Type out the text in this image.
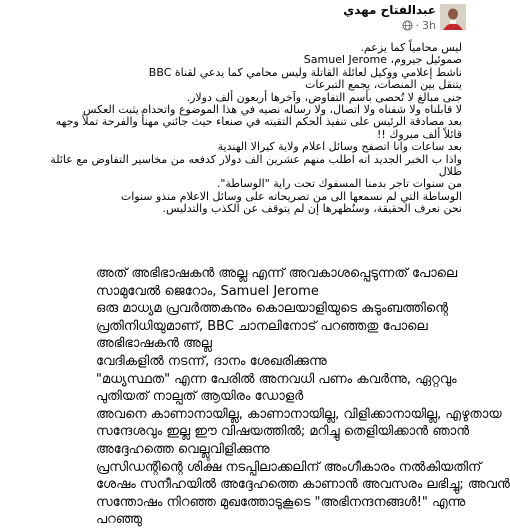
عبدالفتاح مهدي
3h
·
ليس محامياً كما يزعم.
صموئيل جيروم، Samuel Jerome
ناشط إعلامي ووكيل لعائلة القاتلة وليس محامي كما يدعي لقناة BBC
يتنقل بين المنصات، يجمع التبرعات
جنى مبالغ لا تُحصى بأسم التفاوض، وآخرها أربعون ألف دولار.
لا قابلناه ولا شفناه ولا اتصال، ولا رساله نصيه في هذا الموضوع واتحداه يثبت العكس
بعد مصادقة الرئيس على تنفيذ الحكم التقيته في صنعاء حيث جائني مهنأً والفرحة تملأ وجهه
قائلاً ألف مبروك !!
بعد ساعات وانا اتصفح وسائل اعلام ولاية كيرالا الهندية
واذا ب الخبر الجديد انه اطلب منهم عشرين الف دولار كدفعه من مخاسير التفاوض مع عائلة
طلال
من سنوات تاجر بدمنا المسفوك تحت راية "الوساطة".
الوساطة التي لم نسمعها الى من تصريحاته على وسائل الاعلام منذو سنوات
نحن نعرف الحقيقة، وسنُظهرها إن لم يتوقف عن الكذب والتدليس.
അത് അഭിഭാഷകൻ അല്ല എന്ന് അവകാശപ്പെടുന്നത് പോലെ
സാമുവേൽ ജെറോം, Samuel Jerome
ഒരു മാധ്യമ പ്രവർത്തകനും കൊലയാളിയുടെ കുടുംബത്തിന്റെ
പ്രതിനിധിയുമാണ്, BBC ചാനലിനോട് പറഞ്ഞതു പോലെ
അഭിഭാഷകൻ അല്ല
വേദികളിൽ നടന്ന്, ദാനം ശേഖരിക്കുന്നു
"മധ്യസ്ഥത" എന്ന പേരിൽ അനവധി പണം കവർന്നു, ഏറ്റവും
പുതിയത് നാല്പത് ആയിരം ഡോളർ
അവനെ കാണാനായില്ല, കാണാനായില്ല, വിളിക്കാനായില്ല, എഴുതായ
സന്ദേശവും ഇല്ല ഈ വിഷയത്തിൽ; മറിച്ചു തെളിയിക്കാൻ ഞാൻ
അദ്ദേഹത്തെ വെല്ലുവിളിക്കുന്നു
പ്രസിഡന്റിന്റെ ശിക്ഷ നടപ്പിലാക്കലിന് അംഗീകാരം നൽകിയതിന്
ശേഷം സനീഹയിൽ അദ്ദേഹത്തെ കാണാൻ അവസരം ലഭിച്ചു; അവൻ
സന്തോഷം നിറഞ്ഞ മുഖത്തോടുകൂടെ "അഭിനന്ദനങ്ങൾ!" എന്നു
പറഞ്ഞു
